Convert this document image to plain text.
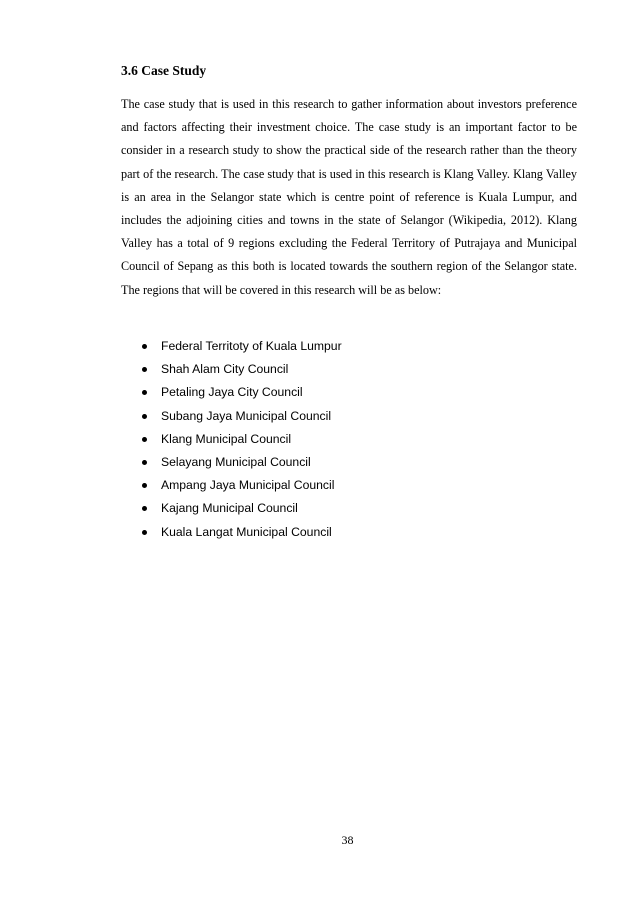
3.6 Case Study

The case study that is used in this research to gather information about investors preference and factors affecting their investment choice. The case study is an important factor to be consider in a research study to show the practical side of the research rather than the theory part of the research. The case study that is used in this research is Klang Valley. Klang Valley is an area in the Selangor state which is centre point of reference is Kuala Lumpur, and includes the adjoining cities and towns in the state of Selangor (Wikipedia, 2012). Klang Valley has a total of 9 regions excluding the Federal Territory of Putrajaya and Municipal Council of Sepang as this both is located towards the southern region of the Selangor state. The regions that will be covered in this research will be as below:

Federal Territoty of Kuala Lumpur
Shah Alam City Council
Petaling Jaya City Council
Subang Jaya Municipal Council
Klang Municipal Council
Selayang Municipal Council
Ampang Jaya Municipal Council
Kajang Municipal Council
Kuala Langat Municipal Council

38
